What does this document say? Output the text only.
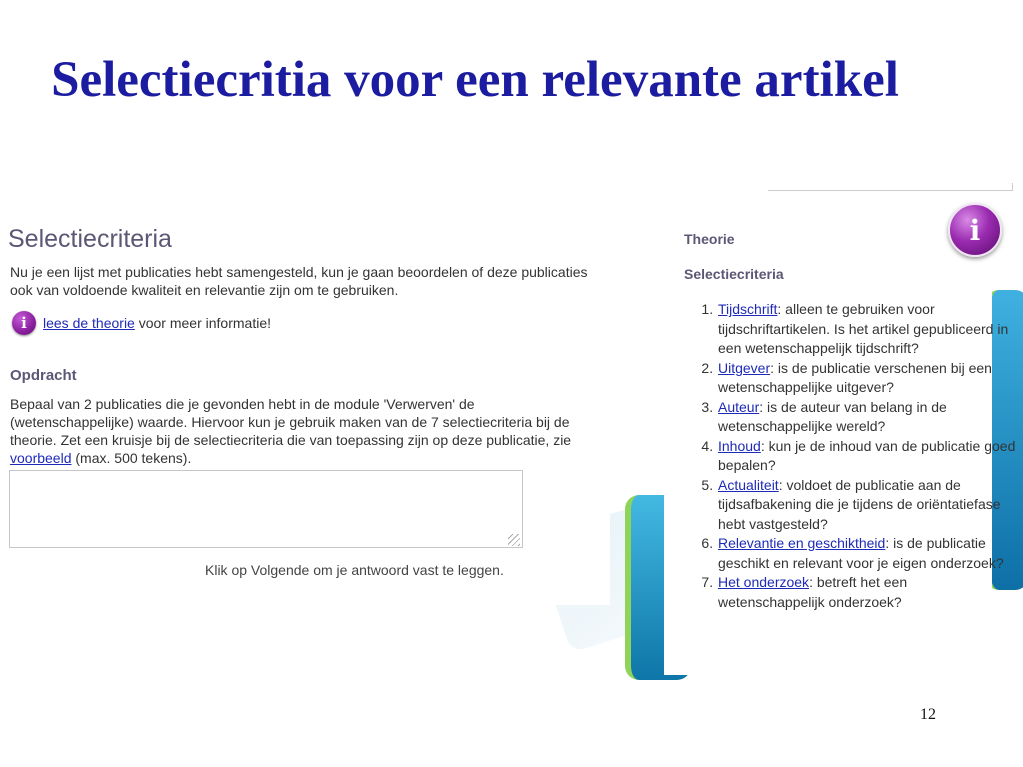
Selectiecritia voor een relevante artikel
Selectiecriteria
Nu je een lijst met publicaties hebt samengesteld, kun je gaan beoordelen of deze publicaties ook van voldoende kwaliteit en relevantie zijn om te gebruiken.
i	lees de theorie voor meer informatie!
Opdracht
Bepaal van 2 publicaties die je gevonden hebt in de module 'Verwerven' de (wetenschappelijke) waarde. Hiervoor kun je gebruik maken van de 7 selectiecriteria bij de theorie. Zet een kruisje bij de selectiecriteria die van toepassing zijn op deze publicatie, zie voorbeeld (max. 500 tekens).
Klik op Volgende om je antwoord vast te leggen.
Theorie
Selectiecriteria
1. Tijdschrift: alleen te gebruiken voor tijdschriftartikelen. Is het artikel gepubliceerd in een wetenschappelijk tijdschrift?
2. Uitgever: is de publicatie verschenen bij een wetenschappelijke uitgever?
3. Auteur: is de auteur van belang in de wetenschappelijke wereld?
4. Inhoud: kun je de inhoud van de publicatie goed bepalen?
5. Actualiteit: voldoet de publicatie aan de tijdsafbakening die je tijdens de oriëntatiefase hebt vastgesteld?
6. Relevantie en geschiktheid: is de publicatie geschikt en relevant voor je eigen onderzoek?
7. Het onderzoek: betreft het een wetenschappelijk onderzoek?
i
12
